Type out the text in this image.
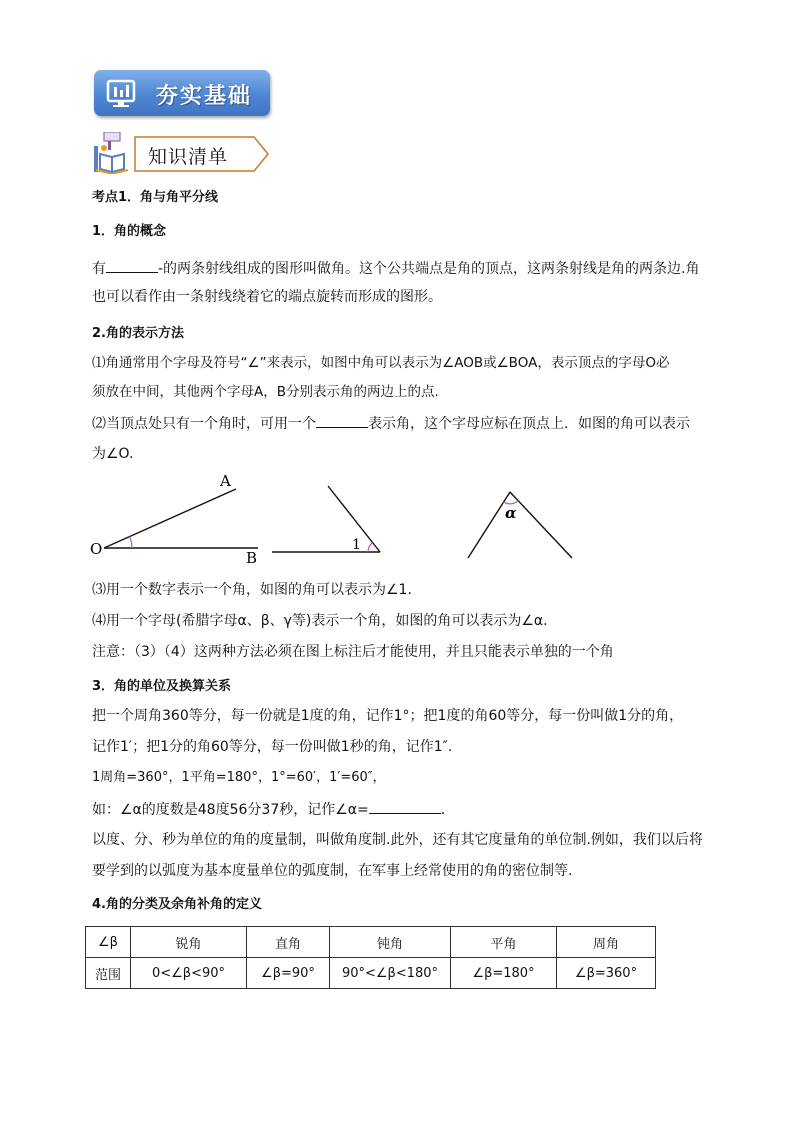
夯实基础
知识清单
考点1．角与角平分线
1．角的概念
有	-的两条射线组成的图形叫做角。这个公共端点是角的顶点，这两条射线是角的两条边.角
也可以看作由一条射线绕着它的端点旋转而形成的图形。
2.角的表示方法
⑴角通常用个字母及符号“∠”来表示，如图中角可以表示为∠AOB或∠BOA，表示顶点的字母O必
须放在中间，其他两个字母A，B分别表示角的两边上的点.
⑵当顶点处只有一个角时，可用一个	表示角，这个字母应标在顶点上．如图的角可以表示
为∠O.
A
O	B
1
α
⑶用一个数字表示一个角，如图的角可以表示为∠1.
⑷用一个字母(希腊字母α、β、γ等)表示一个角，如图的角可以表示为∠α.
注意：（3）（4）这两种方法必须在图上标注后才能使用，并且只能表示单独的一个角
3．角的单位及换算关系
把一个周角360等分，每一份就是1度的角，记作1°；把1度的角60等分，每一份叫做1分的角，
记作1′；把1分的角60等分，每一份叫做1秒的角，记作1″.
1周角=360°，1平角=180°，1°=60′，1′=60″，
如：∠α的度数是48度56分37秒，记作∠α=	.
以度、分、秒为单位的角的度量制，叫做角度制.此外，还有其它度量角的单位制.例如，我们以后将
要学到的以弧度为基本度量单位的弧度制，在军事上经常使用的角的密位制等.
4.角的分类及余角补角的定义
∠β	锐角	直角	钝角	平角	周角
范围	0<∠β<90°	∠β=90°	90°<∠β<180°	∠β=180°	∠β=360°
